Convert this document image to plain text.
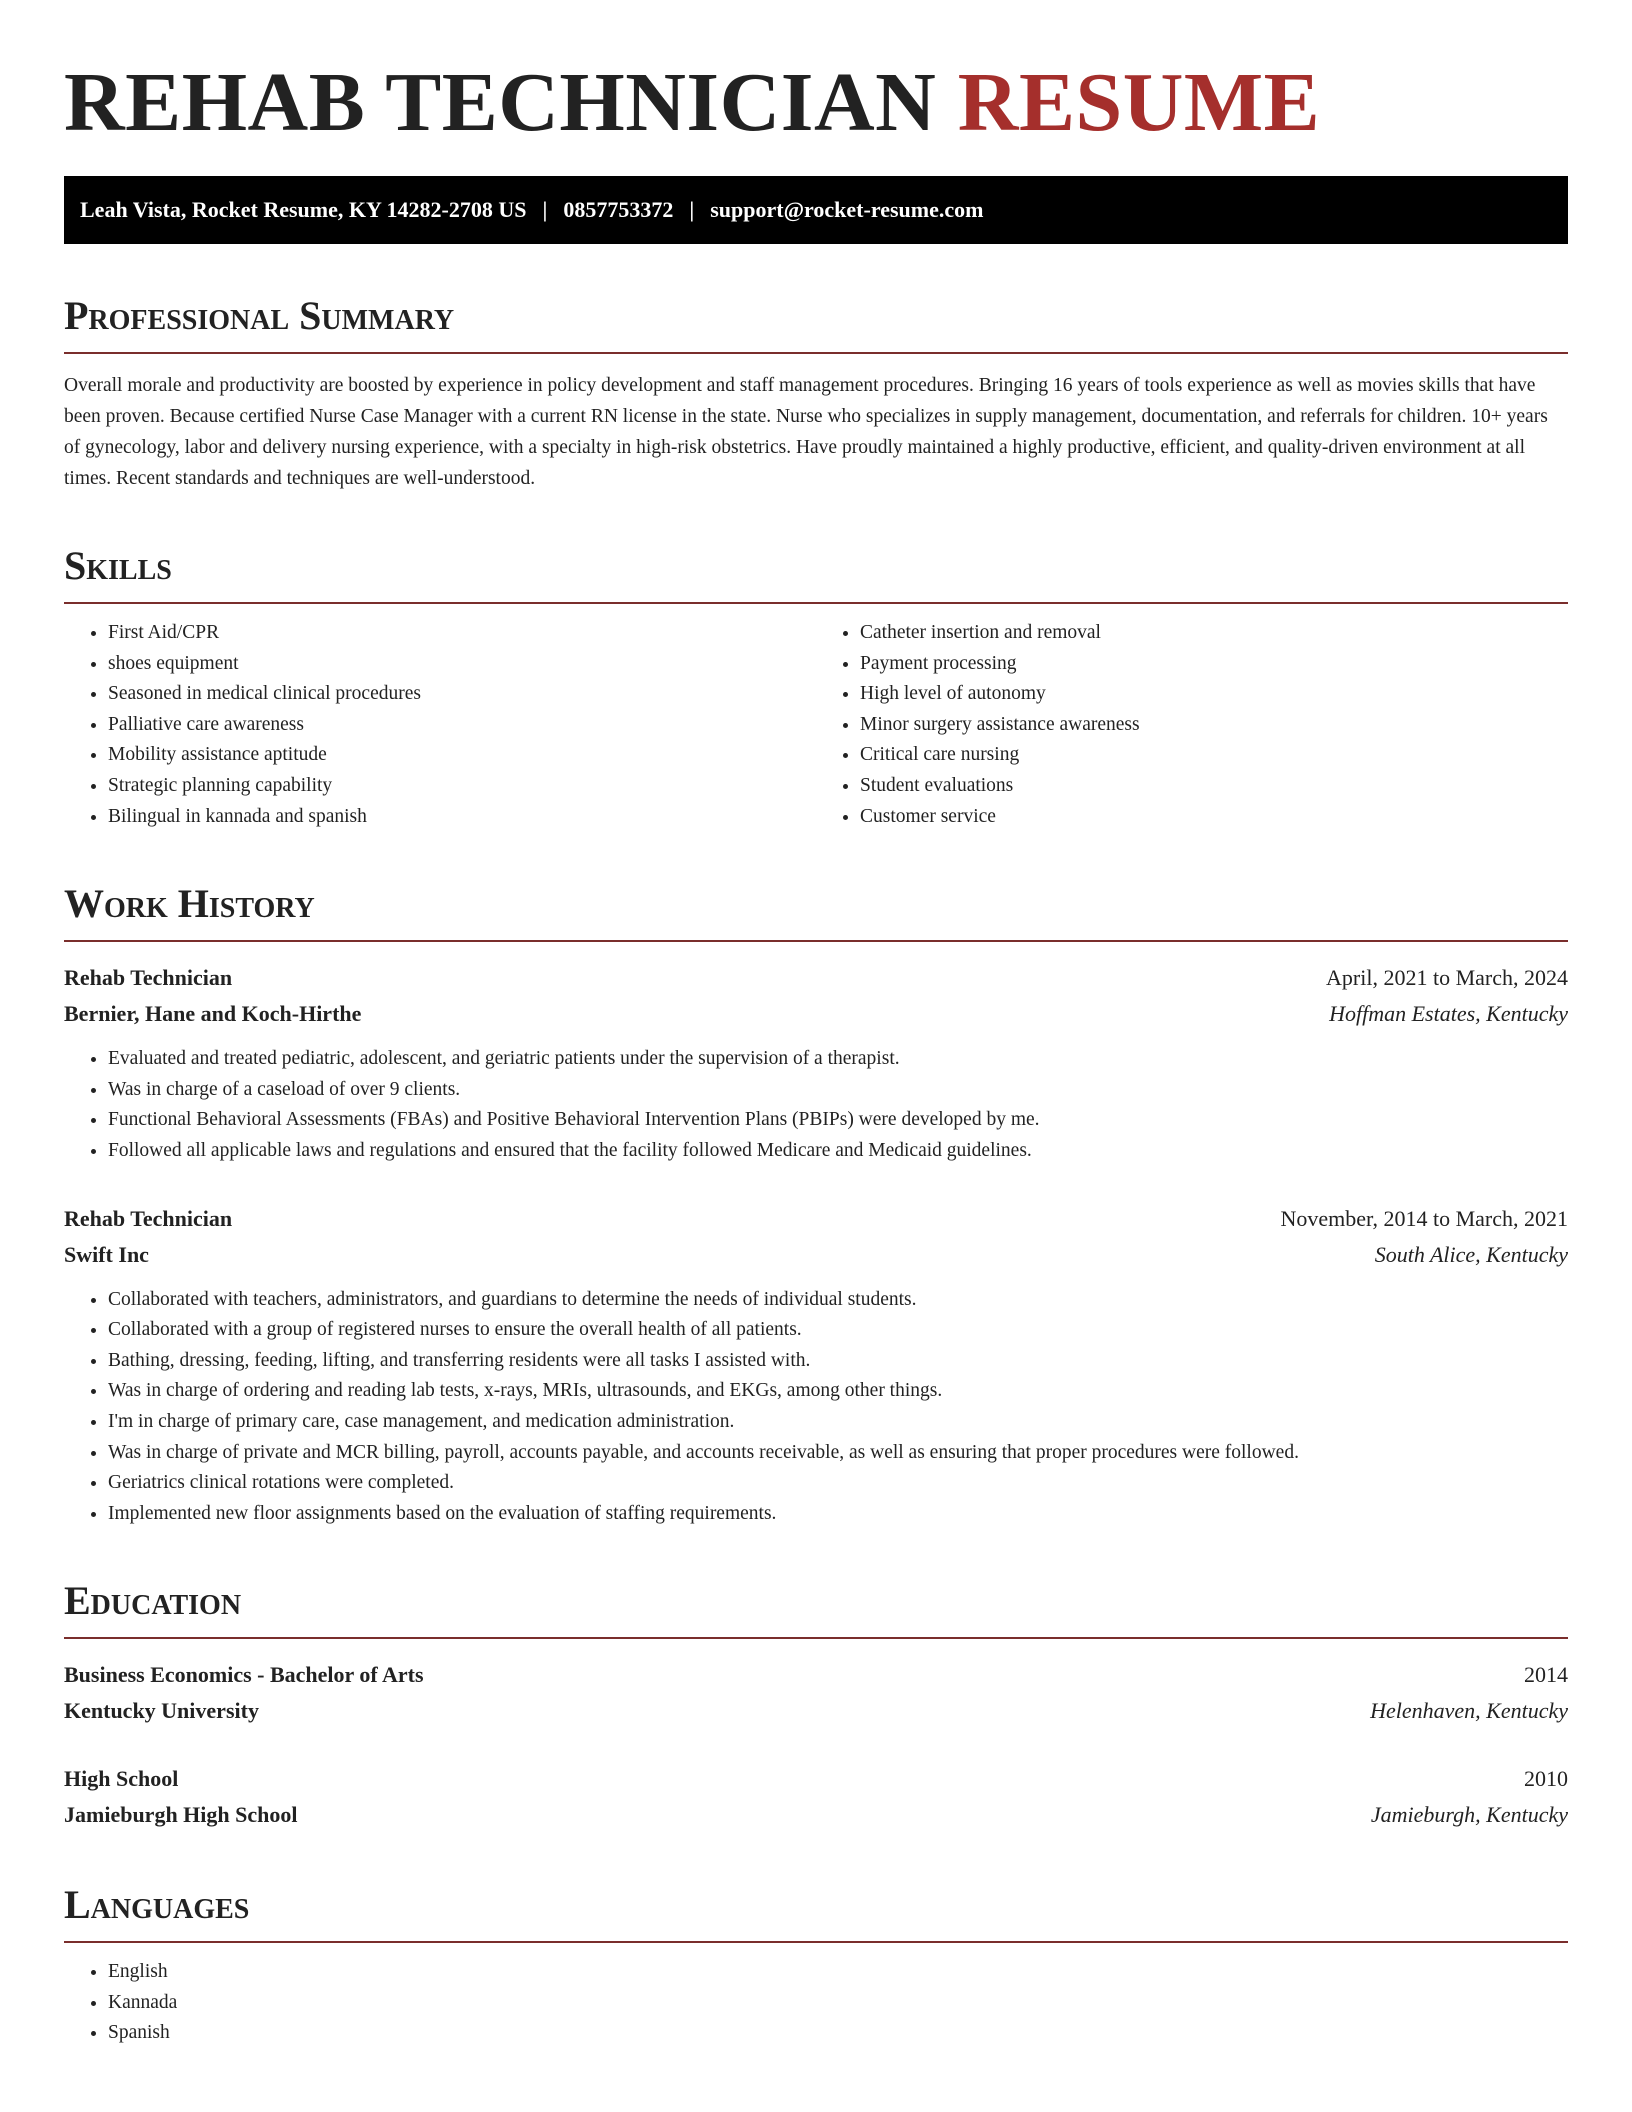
REHAB TECHNICIAN RESUME
Leah Vista, Rocket Resume, KY 14282-2708 US | 0857753372 | support@rocket-resume.com
Professional Summary

Overall morale and productivity are boosted by experience in policy development and staff management procedures. Bringing 16 years of tools experience as well as movies skills that have been proven. Because certified Nurse Case Manager with a current RN license in the state. Nurse who specializes in supply management, documentation, and referrals for children. 10+ years of gynecology, labor and delivery nursing experience, with a specialty in high-risk obstetrics. Have proudly maintained a highly productive, efficient, and quality-driven environment at all times. Recent standards and techniques are well-understood.

Skills
• First Aid/CPR
• shoes equipment
• Seasoned in medical clinical procedures
• Palliative care awareness
• Mobility assistance aptitude
• Strategic planning capability
• Bilingual in kannada and spanish
• Catheter insertion and removal
• Payment processing
• High level of autonomy
• Minor surgery assistance awareness
• Critical care nursing
• Student evaluations
• Customer service
Work History
Rehab Technician	April, 2021 to March, 2024
Bernier, Hane and Koch-Hirthe	Hoffman Estates, Kentucky
• Evaluated and treated pediatric, adolescent, and geriatric patients under the supervision of a therapist.
• Was in charge of a caseload of over 9 clients.
• Functional Behavioral Assessments (FBAs) and Positive Behavioral Intervention Plans (PBIPs) were developed by me.
• Followed all applicable laws and regulations and ensured that the facility followed Medicare and Medicaid guidelines.
Rehab Technician	November, 2014 to March, 2021
Swift Inc	South Alice, Kentucky
• Collaborated with teachers, administrators, and guardians to determine the needs of individual students.
• Collaborated with a group of registered nurses to ensure the overall health of all patients.
• Bathing, dressing, feeding, lifting, and transferring residents were all tasks I assisted with.
• Was in charge of ordering and reading lab tests, x-rays, MRIs, ultrasounds, and EKGs, among other things.
• I'm in charge of primary care, case management, and medication administration.
• Was in charge of private and MCR billing, payroll, accounts payable, and accounts receivable, as well as ensuring that proper procedures were followed.
• Geriatrics clinical rotations were completed.
• Implemented new floor assignments based on the evaluation of staffing requirements.
Education
Business Economics - Bachelor of Arts	2014
Kentucky University	Helenhaven, Kentucky
High School	2010
Jamieburgh High School	Jamieburgh, Kentucky
Languages
• English
• Kannada
• Spanish
